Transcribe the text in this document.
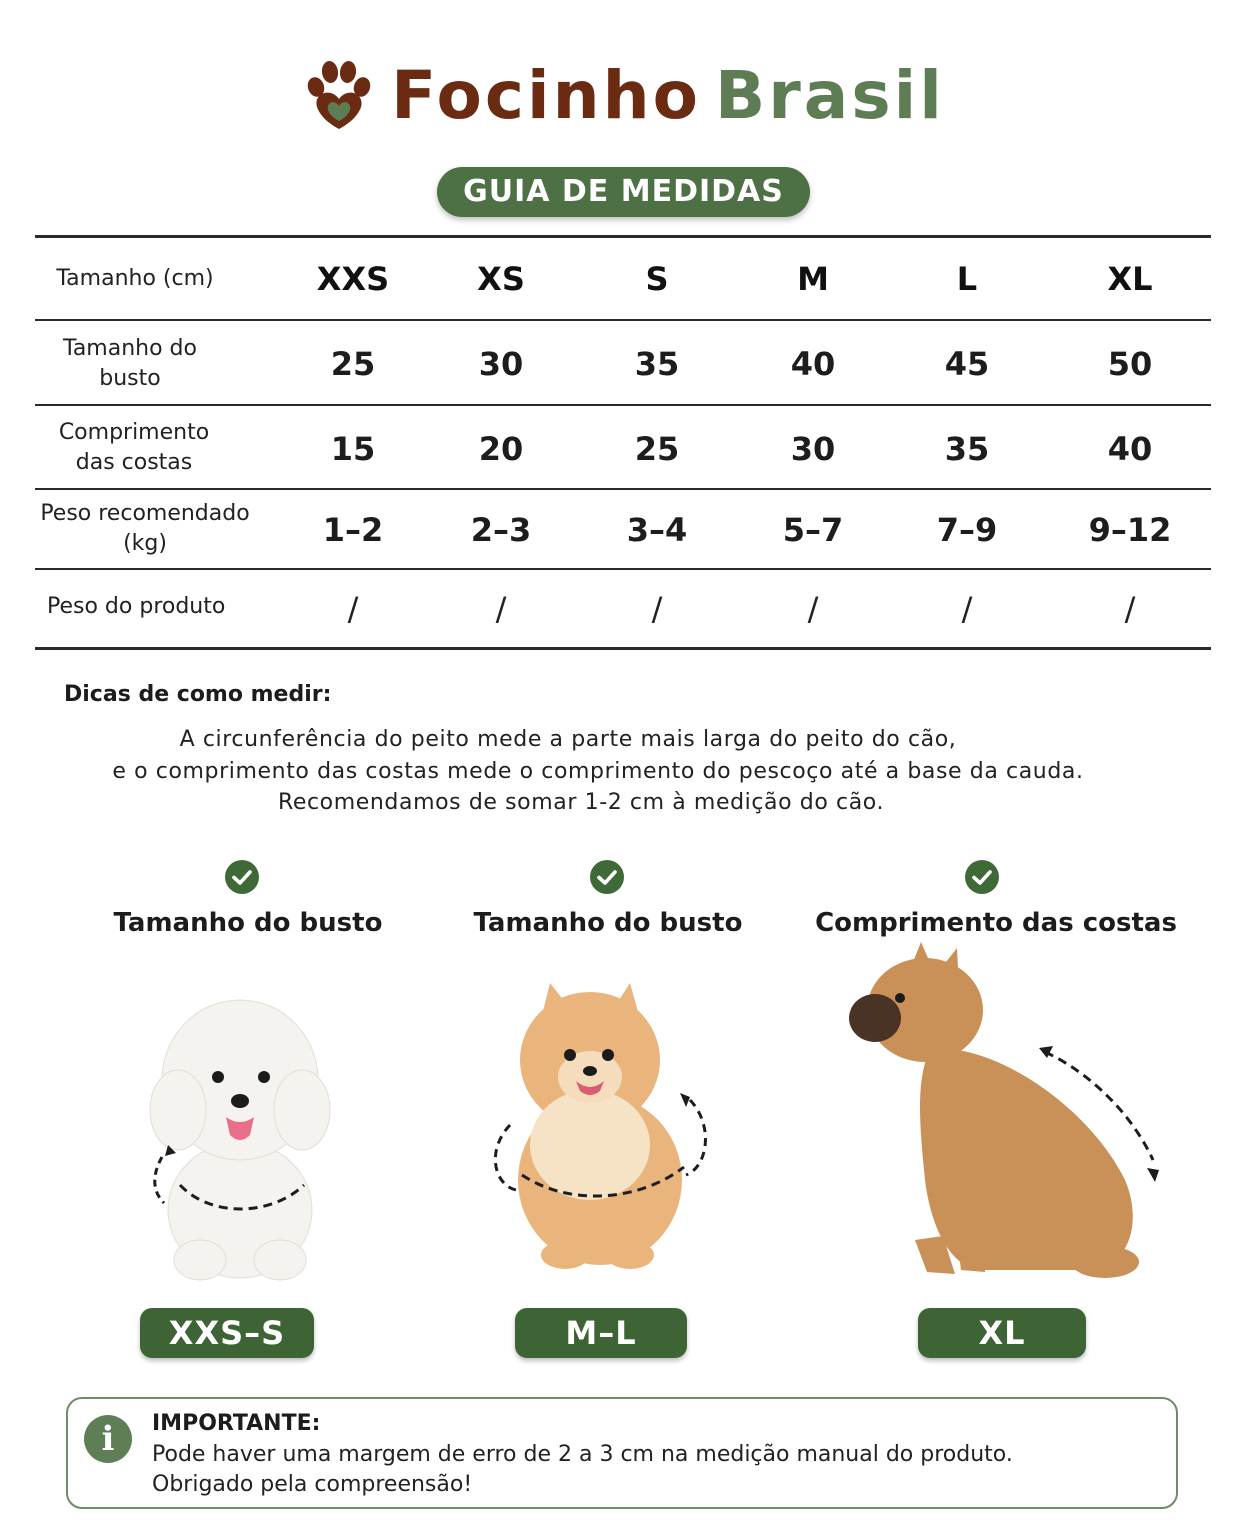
Focinho Brasil
GUIA DE MEDIDAS
Tamanho (cm)	XXS	XS	S	M	L	XL
Tamanho do
busto	25	30	35	40	45	50
Comprimento
das costas	15	20	25	30	35	40
Peso recomendado
(kg)	1–2	2–3	3–4	5–7	7–9	9–12
Peso do produto	/	/	/	/	/	/
Dicas de como medir:
A circunferência do peito mede a parte mais larga do peito do cão,
e o comprimento das costas mede o comprimento do pescoço até a base da cauda.
Recomendamos de somar 1-2 cm à medição do cão.
Tamanho do busto
XXS–S
Tamanho do busto
M–L
Comprimento das costas
XL
i	IMPORTANTE:
Pode haver uma margem de erro de 2 a 3 cm na medição manual do produto.
Obrigado pela compreensão!
